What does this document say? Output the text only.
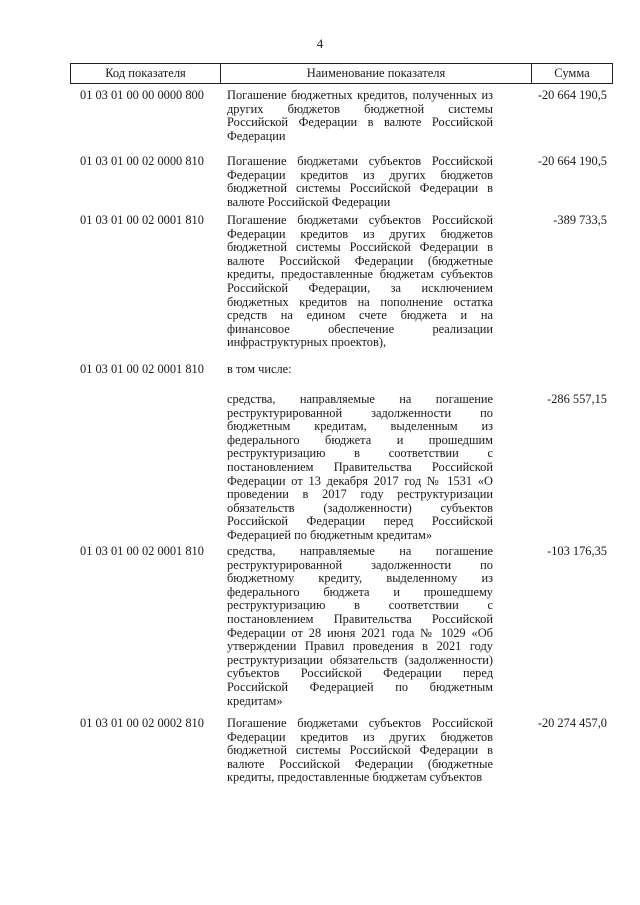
4
Код показателя	Наименование показателя	Сумма
01 03 01 00 00 0000 800 Погашение бюджетных кредитов, полученных из других бюджетов бюджетной системы Российской Федерации в валюте Российской Федерации
-20 664 190,5
01 03 01 00 02 0000 810 Погашение бюджетами субъектов Российской Федерации кредитов из других бюджетов бюджетной системы Российской Федерации в валюте Российской Федерации
-20 664 190,5
01 03 01 00 02 0001 810 Погашение бюджетами субъектов Российской Федерации кредитов из других бюджетов бюджетной системы Российской Федерации в валюте Российской Федерации (бюджетные кредиты, предоставленные бюджетам субъектов Российской Федерации, за исключением бюджетных кредитов на пополнение остатка средств на едином счете бюджета и на финансовое обеспечение реализации инфраструктурных проектов),
-389 733,5
01 03 01 00 02 0001 810 в том числе:
средства, направляемые на погашение реструктурированной задолженности по бюджетным кредитам, выделенным из федерального бюджета и прошедшим реструктуризацию в соответствии с постановлением Правительства Российской Федерации от 13 декабря 2017 год № 1531 «О проведении в 2017 году реструктуризации обязательств (задолженности) субъектов Российской Федерации перед Российской Федерацией по бюджетным кредитам»
-286 557,15
01 03 01 00 02 0001 810 средства, направляемые на погашение реструктурированной задолженности по бюджетному кредиту, выделенному из федерального бюджета и прошедшему реструктуризацию в соответствии с постановлением Правительства Российской Федерации от 28 июня 2021 года № 1029 «Об утверждении Правил проведения в 2021 году реструктуризации обязательств (задолженности) субъектов Российской Федерации перед Российской Федерацией по бюджетным кредитам»
-103 176,35
01 03 01 00 02 0002 810 Погашение бюджетами субъектов Российской Федерации кредитов из других бюджетов бюджетной системы Российской Федерации в валюте Российской Федерации (бюджетные кредиты, предоставленные бюджетам субъектов
-20 274 457,0
